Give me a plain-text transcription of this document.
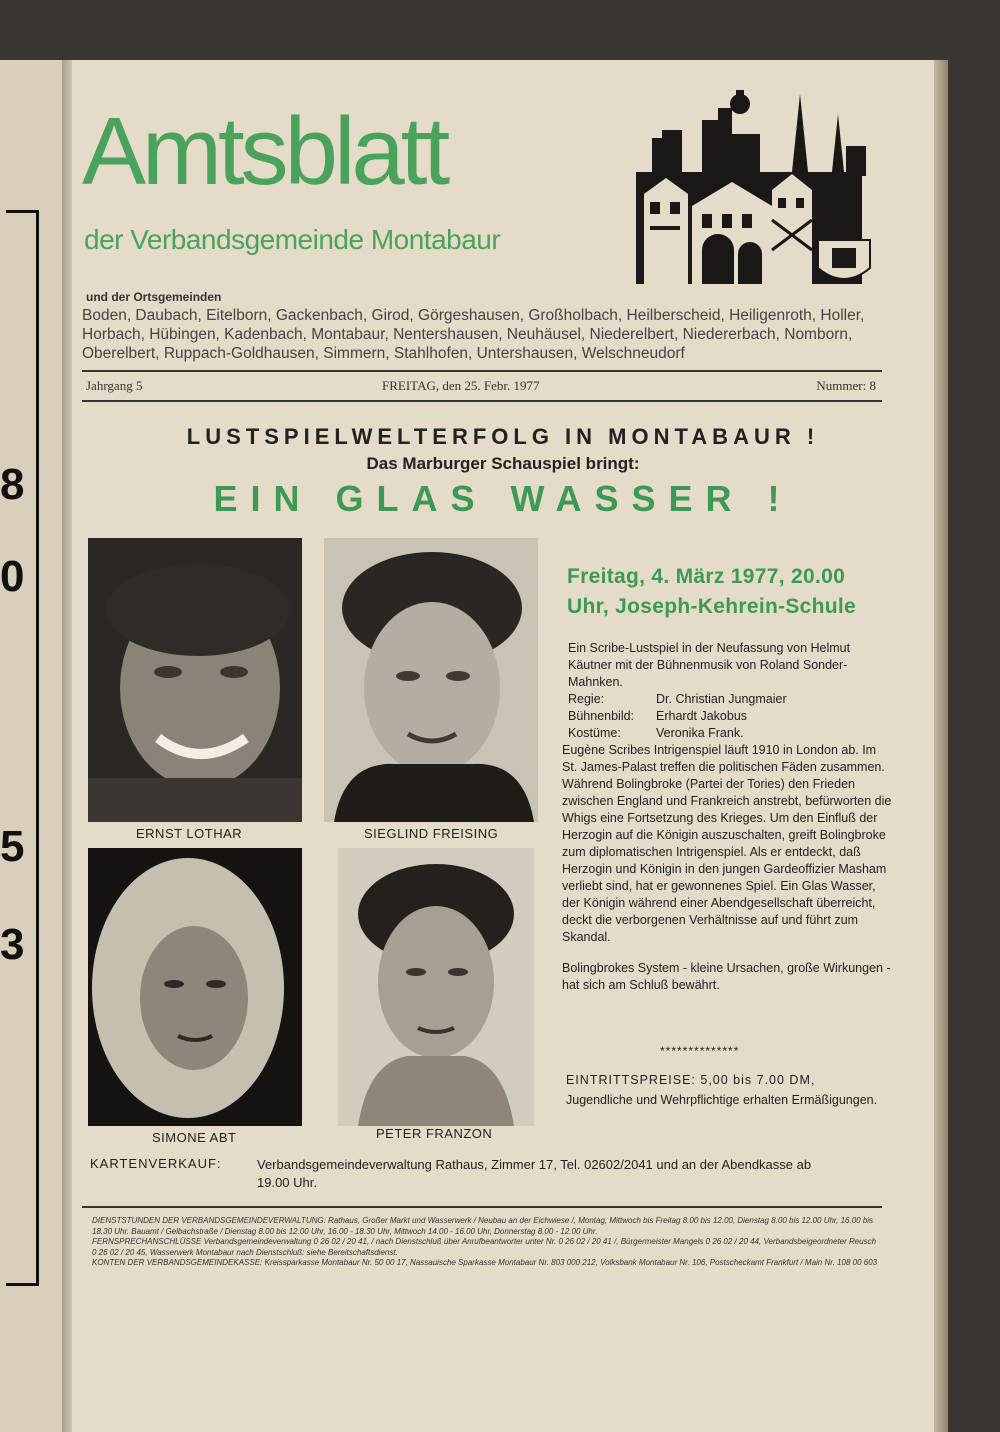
8
0
5
3
Amtsblatt
der Verbandsgemeinde Montabaur
und der Ortsgemeinden
Boden, Daubach, Eitelborn, Gackenbach, Girod, Görgeshausen, Großholbach, Heilberscheid, Heiligenroth, Holler, Horbach, Hübingen, Kadenbach, Montabaur, Nentershausen, Neuhäusel, Niederelbert, Niedererbach, Nomborn, Oberelbert, Ruppach-Goldhausen, Simmern, Stahlhofen, Untershausen, Welschneudorf
Jahrgang 5	FREITAG, den 25. Febr. 1977	Nummer: 8
LUSTSPIELWELTERFOLG IN MONTABAUR !
Das Marburger Schauspiel bringt:
EIN GLAS WASSER !
ERNST LOTHAR	SIEGLIND FREISING
SIMONE ABT	PETER FRANZON
Freitag, 4. März 1977, 20.00 Uhr, Joseph-Kehrein-Schule
Ein Scribe-Lustspiel in der Neufassung von Helmut Käutner mit der Bühnenmusik von Roland Sonder-Mahnken.
Regie:	Dr. Christian Jungmaier
Bühnenbild:	Erhardt Jakobus
Kostüme:	Veronika Frank.
Eugène Scribes Intrigenspiel läuft 1910 in London ab. Im St. James-Palast treffen die politischen Fäden zusammen.
Während Bolingbroke (Partei der Tories) den Frieden zwischen England und Frankreich anstrebt, befürworten die Whigs eine Fortsetzung des Krieges. Um den Einfluß der Herzogin auf die Königin auszuschalten, greift Bolingbroke zum diplomatischen Intrigenspiel. Als er entdeckt, daß Herzogin und Königin in den jungen Gardeoffizier Masham verliebt sind, hat er gewonnenes Spiel. Ein Glas Wasser, der Königin während einer Abendgesellschaft überreicht, deckt die verborgenen Verhältnisse auf und führt zum Skandal.
Bolingbrokes System - kleine Ursachen, große Wirkungen - hat sich am Schluß bewährt.
**************
EINTRITTSPREISE: 5,00 bis 7.00 DM,
Jugendliche und Wehrpflichtige erhalten Ermäßigungen.
KARTENVERKAUF:	Verbandsgemeindeverwaltung Rathaus, Zimmer 17, Tel. 02602/2041 und an der Abendkasse ab 19.00 Uhr.
DIENSTSTUNDEN DER VERBANDSGEMEINDEVERWALTUNG: Rathaus, Großer Markt und Wasserwerk / Neubau an der Eichwiese /, Montag, Mittwoch bis Freitag 8.00 bis 12.00, Dienstag 8.00 bis 12.00 Uhr, 16.00 bis 18.30 Uhr. Bauamt / Gelbachstraße / Dienstag 8.00 bis 12.00 Uhr, 16.00 - 18.30 Uhr, Mittwoch 14.00 - 16.00 Uhr, Donnerstag 8.00 - 12.00 Uhr.
FERNSPRECHANSCHLÜSSE Verbandsgemeindeverwaltung 0 26 02 / 20 41, / nach Dienstschluß über Anrufbeantworter unter Nr. 0 26 02 / 20 41 /, Bürgermeister Mangels 0 26 02 / 20 44, Verbandsbeigeordneter Reusch 0 26 02 / 20 45, Wasserwerk Montabaur nach Dienstschluß: siehe Bereitschaftsdienst.
KONTEN DER VERBANDSGEMEINDEKASSE: Kreissparkasse Montabaur Nr. 50 00 17, Nassauische Sparkasse Montabaur Nr. 803 000 212, Volksbank Montabaur Nr. 106, Postscheckamt Frankfurt / Main Nr. 108 00 603
